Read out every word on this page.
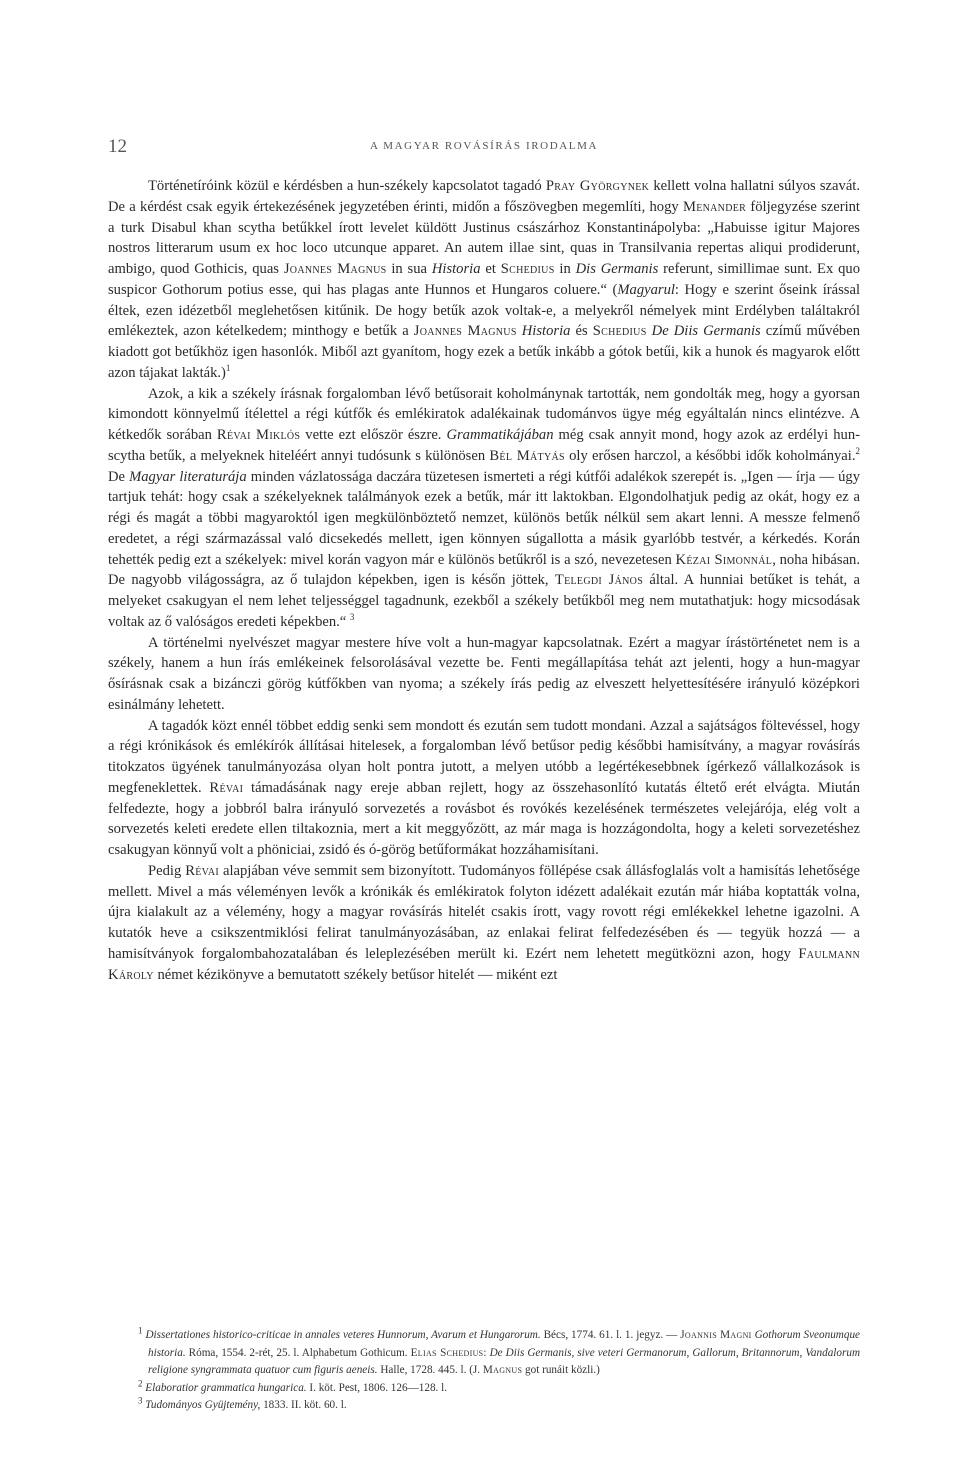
12	A MAGYAR ROVÁSÍRÁS IRODALMA

Történetíróink közül e kérdésben a hun-székely kapcsolatot tagadó Pray Györgynek kellett volna hallatni súlyos szavát. De a kérdést csak egyik értekezésének jegyzetében érinti, midőn a főszövegben megemlíti, hogy Menander följegyzése szerint a turk Disabul khan scytha betűkkel írott levelet küldött Justinus császárhoz Konstantinápolyba: „Habuisse igitur Majores nostros litterarum usum ex hoc loco utcunque apparet. An autem illae sint, quas in Transilvania repertas aliqui prodiderunt, ambigo, quod Gothicis, quas Joannes Magnus in sua Historia et Schedius in Dis Germanis referunt, simillimae sunt. Ex quo suspicor Gothorum potius esse, qui has plagas ante Hunnos et Hungaros coluere.“ (Magyarul: Hogy e szerint őseink írással éltek, ezen idézetből meglehetősen kitűnik. De hogy betűk azok voltak-e, a melyekről némelyek mint Erdélyben találtakról emlékeztek, azon kételkedem; minthogy e betűk a Joannes Magnus Historia és Schedius De Diis Germanis czímű művében kiadott got betűkhöz igen hasonlók. Miből azt gyanítom, hogy ezek a betűk inkább a gótok betűi, kik a hunok és magyarok előtt azon tájakat lakták.)$^1$

Azok, a kik a székely írásnak forgalomban lévő betűsorait koholmánynak tartották, nem gondolták meg, hogy a gyorsan kimondott könnyelmű ítélettel a régi kútfők és emlékiratok adalékainak tudománvos ügye még egyáltalán nincs elintézve. A kétkedők sorában Révai Miklós vette ezt először észre. Grammatikájában még csak annyit mond, hogy azok az erdélyi hun-scytha betűk, a melyeknek hiteléért annyi tudósunk s különösen Bél Mátyás oly erősen harczol, a későbbi idők koholmányai.$^2$ De Magyar literaturája minden vázlatossága daczára tüzetesen ismerteti a régi kútfői adalékok szerepét is. „Igen — írja — úgy tartjuk tehát: hogy csak a székelyeknek találmányok ezek a betűk, már itt laktokban. Elgondolhatjuk pedig az okát, hogy ez a régi és magát a többi magyaroktól igen megkülönböztető nemzet, különös betűk nélkül sem akart lenni. A messze felmenő eredetet, a régi származással való dicsekedés mellett, igen könnyen súgallotta a másik gyarlóbb testvér, a kérkedés. Korán tehették pedig ezt a székelyek: mivel korán vagyon már e különös betűkről is a szó, nevezetesen Kézai Simonnál, noha hibásan. De nagyobb világosságra, az ő tulajdon képekben, igen is későn jöttek, Telegdi János által. A hunniai betűket is tehát, a melyeket csakugyan el nem lehet teljességgel tagadnunk, ezekből a székely betűkből meg nem mutathatjuk: hogy micsodásak voltak az ő valóságos eredeti képekben.“ $^3$

A történelmi nyelvészet magyar mestere híve volt a hun-magyar kapcsolatnak. Ezért a magyar írástörténetet nem is a székely, hanem a hun írás emlékeinek felsorolásával vezette be. Fenti megállapítása tehát azt jelenti, hogy a hun-magyar ősírásnak csak a bizánczi görög kútfőkben van nyoma; a székely írás pedig az elveszett helyettesítésére irányuló középkori esinálmány lehetett.

A tagadók közt ennél többet eddig senki sem mondott és ezután sem tudott mondani. Azzal a sajátságos föltevéssel, hogy a régi krónikások és emlékírók állításai hitelesek, a forgalomban lévő betűsor pedig későbbi hamisítvány, a magyar rovásírás titokzatos ügyének tanulmányozása olyan holt pontra jutott, a melyen utóbb a legértékesebbnek ígérkező vállalkozások is megfeneklettek. Révai támadásának nagy ereje abban rejlett, hogy az összehasonlító kutatás éltető erét elvágta. Miután felfedezte, hogy a jobbról balra irányuló sorvezetés a rovásbot és rovókés kezelésének természetes velejárója, elég volt a sorvezetés keleti eredete ellen tiltakoznia, mert a kit meggyőzött, az már maga is hozzágondolta, hogy a keleti sorvezetéshez csakugyan könnyű volt a phöniciai, zsidó és ó-görög betűformákat hozzáhamisítani.

Pedig Révai alapjában véve semmit sem bizonyított. Tudományos föllépése csak állásfoglalás volt a hamisítás lehetősége mellett. Mivel a más véleményen levők a krónikák és emlékiratok folyton idézett adalékait ezután már hiába koptatták volna, újra kialakult az a vélemény, hogy a magyar rovásírás hitelét csakis írott, vagy rovott régi emlékekkel lehetne igazolni. A kutatók heve a csikszentmiklósi felirat tanulmányozásában, az enlakai felirat felfedezésében és — tegyük hozzá — a hamisítványok forgalombahozatalában és leleplezésében merült ki. Ezért nem lehetett megütközni azon, hogy Faulmann Károly német kézikönyve a bemutatott székely betűsor hitelét — miként ezt

$^1$ Dissertationes historico-criticae in annales veteres Hunnorum, Avarum et Hungarorum. Bécs, 1774. 61. l. 1. jegyz. — Joannis Magni Gothorum Sveonumque historia. Róma, 1554. 2-rét, 25. l. Alphabetum Gothicum. Elias Schedius: De Diis Germanis, sive veteri Germanorum, Gallorum, Britannorum, Vandalorum religione syngrammata quatuor cum figuris aeneis. Halle, 1728. 445. l. (J. Magnus got runáit közli.)

$^2$ Elaboratior grammatica hungarica. I. köt. Pest, 1806. 126—128. l.

$^3$ Tudományos Gyüjtemény, 1833. II. köt. 60. l.
